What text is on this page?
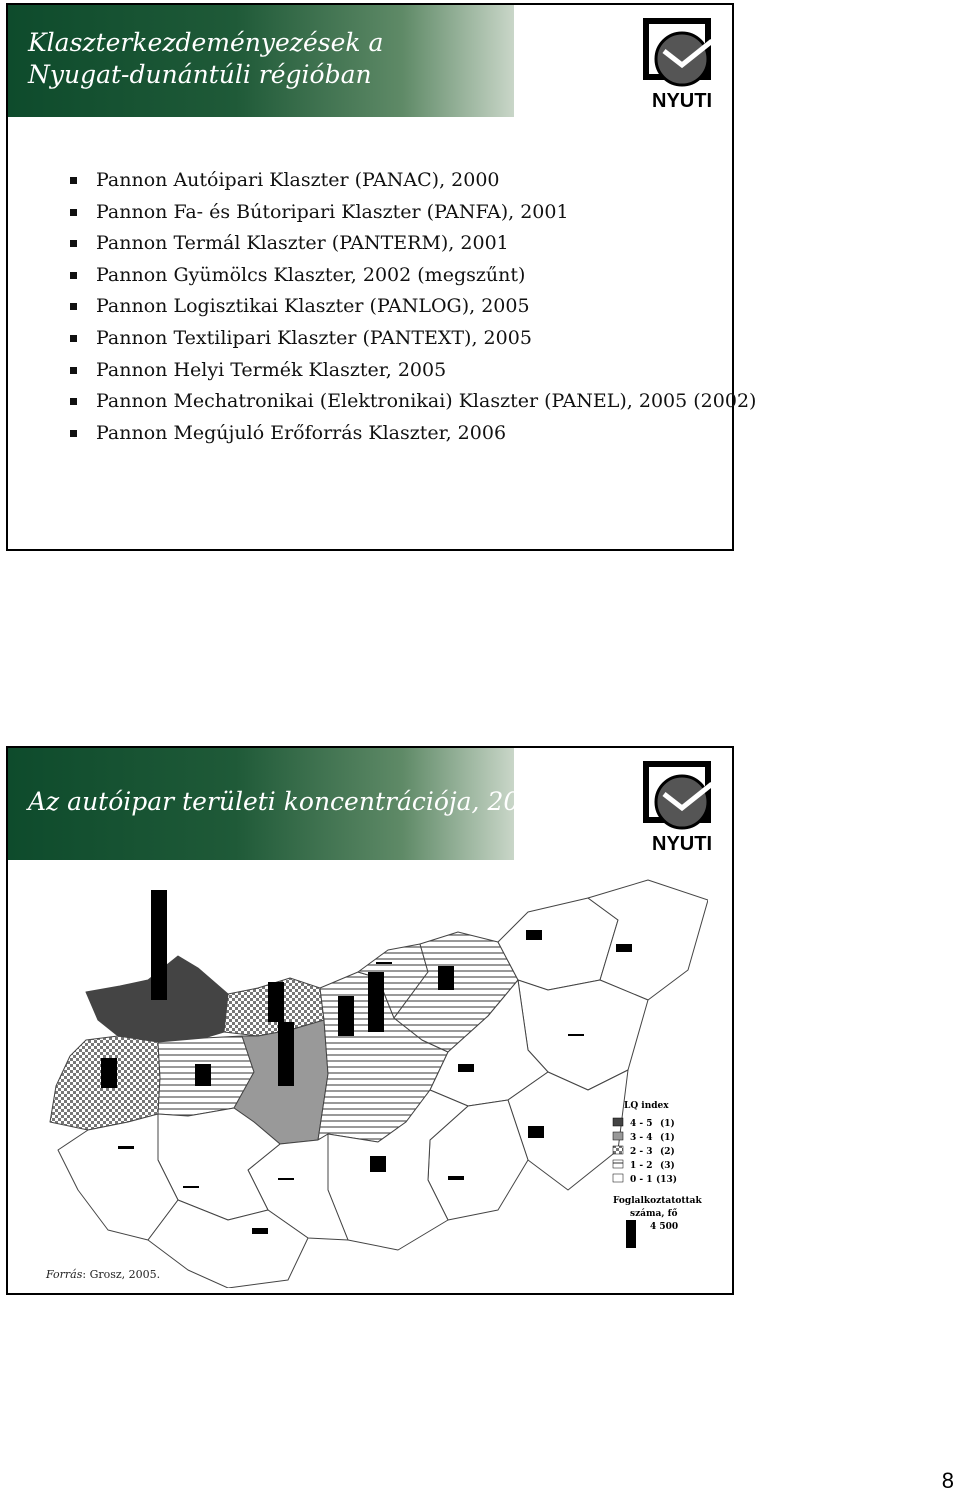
Klaszterkezdeményezések a
Nyugat-dunántúli régióban
NYUTI
Pannon Autóipari Klaszter (PANAC), 2000
Pannon Fa- és Bútoripari Klaszter (PANFA), 2001
Pannon Termál Klaszter (PANTERM), 2001
Pannon Gyümölcs Klaszter, 2002 (megszűnt)
Pannon Logisztikai Klaszter (PANLOG), 2005
Pannon Textilipari Klaszter (PANTEXT), 2005
Pannon Helyi Termék Klaszter, 2005
Pannon Mechatronikai (Elektronikai) Klaszter (PANEL), 2005 (2002)
Pannon Megújuló Erőforrás Klaszter, 2006
Az autóipar területi koncentrációja, 2003
NYUTI
LQ index
4 - 5 (1)
3 - 4 (1)
2 - 3 (2)
1 - 2 (3)
0 - 1 (13)
Foglalkoztatottak
száma, fő
4 500
Forrás: Grosz, 2005.
8
